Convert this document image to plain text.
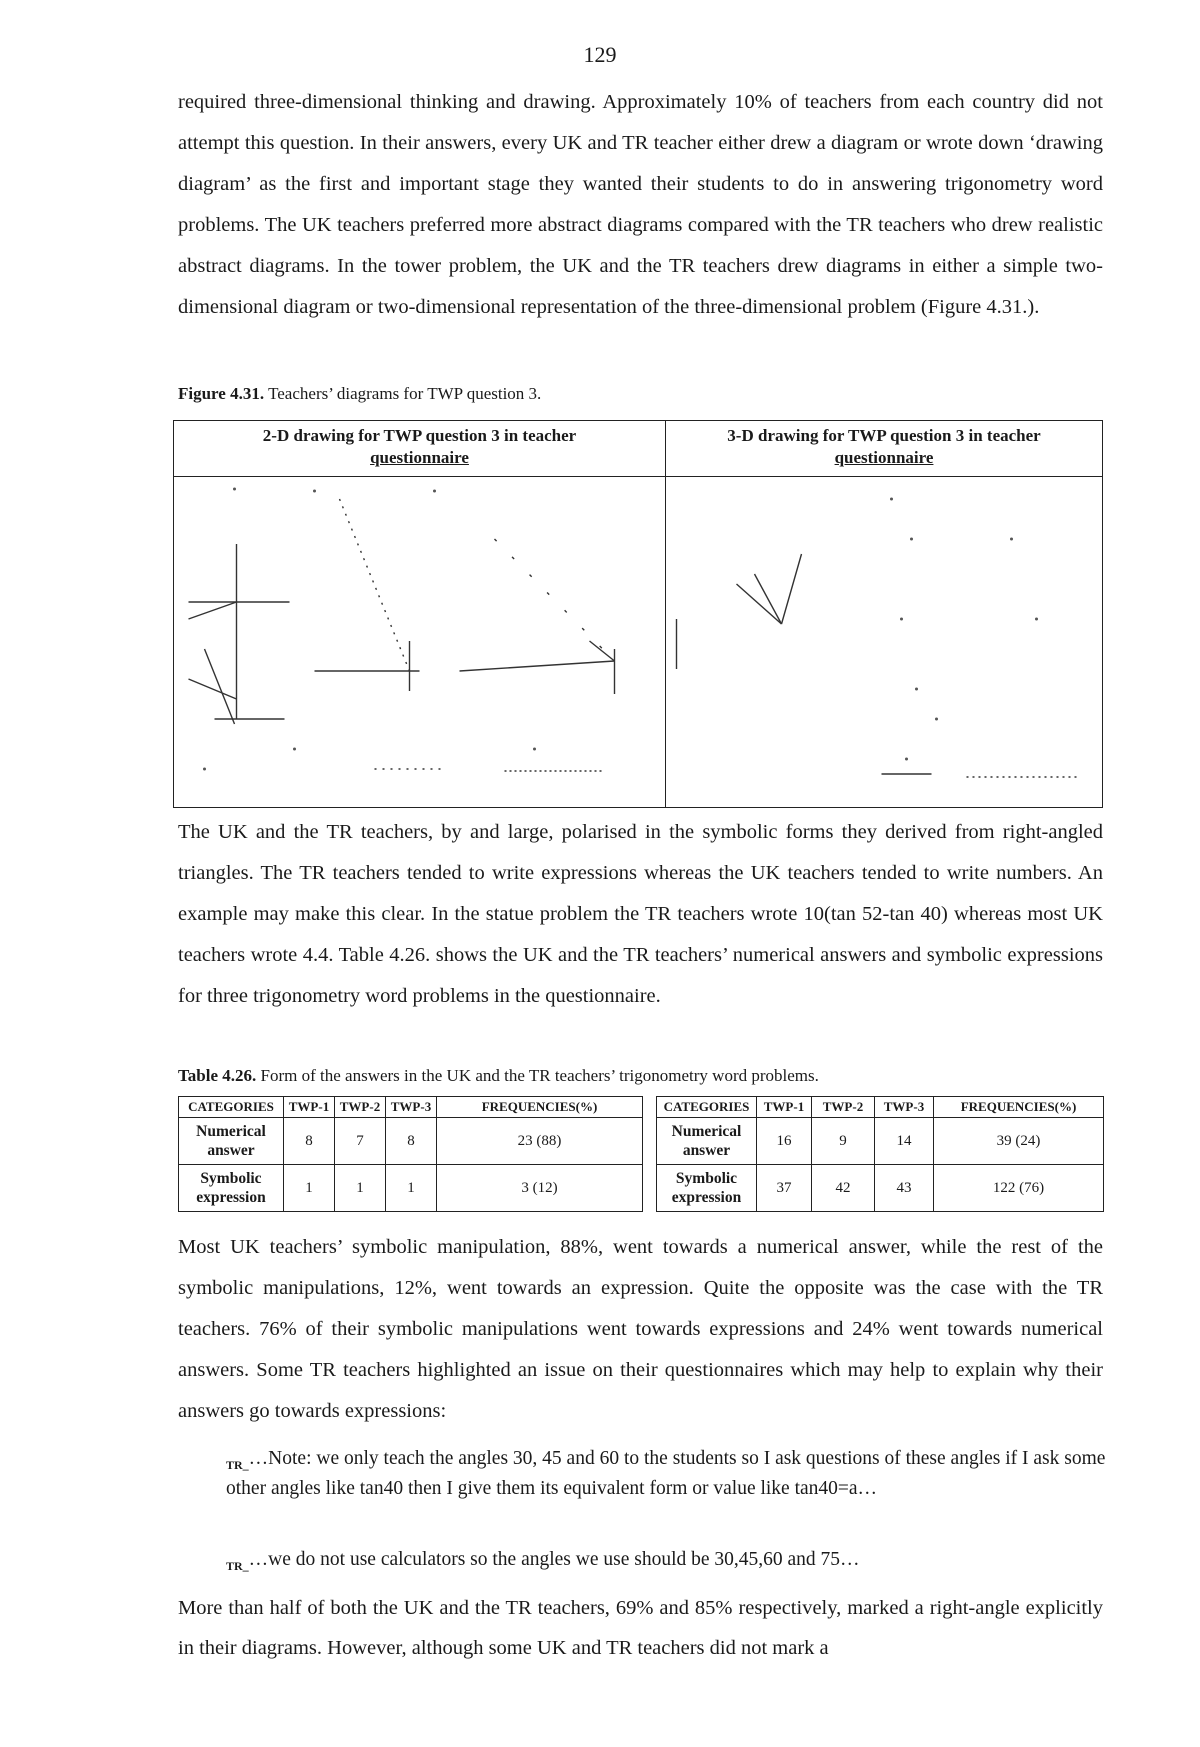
129

required three-dimensional thinking and drawing. Approximately 10% of teachers from each country did not attempt this question. In their answers, every UK and TR teacher either drew a diagram or wrote down ‘drawing diagram’ as the first and important stage they wanted their students to do in answering trigonometry word problems. The UK teachers preferred more abstract diagrams compared with the TR teachers who drew realistic abstract diagrams. In the tower problem, the UK and the TR teachers drew diagrams in either a simple two-dimensional diagram or two-dimensional representation of the three-dimensional problem (Figure 4.31.).

Figure 4.31. Teachers’ diagrams for TWP question 3.
2-D drawing for TWP question 3 in teacher
questionnaire
3-D drawing for TWP question 3 in teacher
questionnaire

The UK and the TR teachers, by and large, polarised in the symbolic forms they derived from right-angled triangles. The TR teachers tended to write expressions whereas the UK teachers tended to write numbers. An example may make this clear. In the statue problem the TR teachers wrote 10(tan 52-tan 40) whereas most UK teachers wrote 4.4. Table 4.26. shows the UK and the TR teachers’ numerical answers and symbolic expressions for three trigonometry word problems in the questionnaire.

Table 4.26. Form of the answers in the UK and the TR teachers’ trigonometry word problems.
CATEGORIES	TWP-1	TWP-2	TWP-3	FREQUENCIES(%)

Numerical
answer	8	7	8	23 (88)

Symbolic
expression	1	1	1	3 (12)
CATEGORIES	TWP-1	TWP-2	TWP-3	FREQUENCIES(%)

Numerical
answer	16	9	14	39 (24)

Symbolic
expression	37	42	43	122 (76)

Most UK teachers’ symbolic manipulation, 88%, went towards a numerical answer, while the rest of the symbolic manipulations, 12%, went towards an expression. Quite the opposite was the case with the TR teachers. 76% of their symbolic manipulations went towards expressions and 24% went towards numerical answers. Some TR teachers highlighted an issue on their questionnaires which may help to explain why their answers go towards expressions:

$_{TR\_}$…Note: we only teach the angles 30, 45 and 60 to the students so I ask questions of these angles if I ask some other angles like tan40 then I give them its equivalent form or value like tan40=a…
$_{TR\_}$…we do not use calculators so the angles we use should be 30,45,60 and 75…

More than half of both the UK and the TR teachers, 69% and 85% respectively, marked a right-angle explicitly in their diagrams. However, although some UK and TR teachers did not mark a
